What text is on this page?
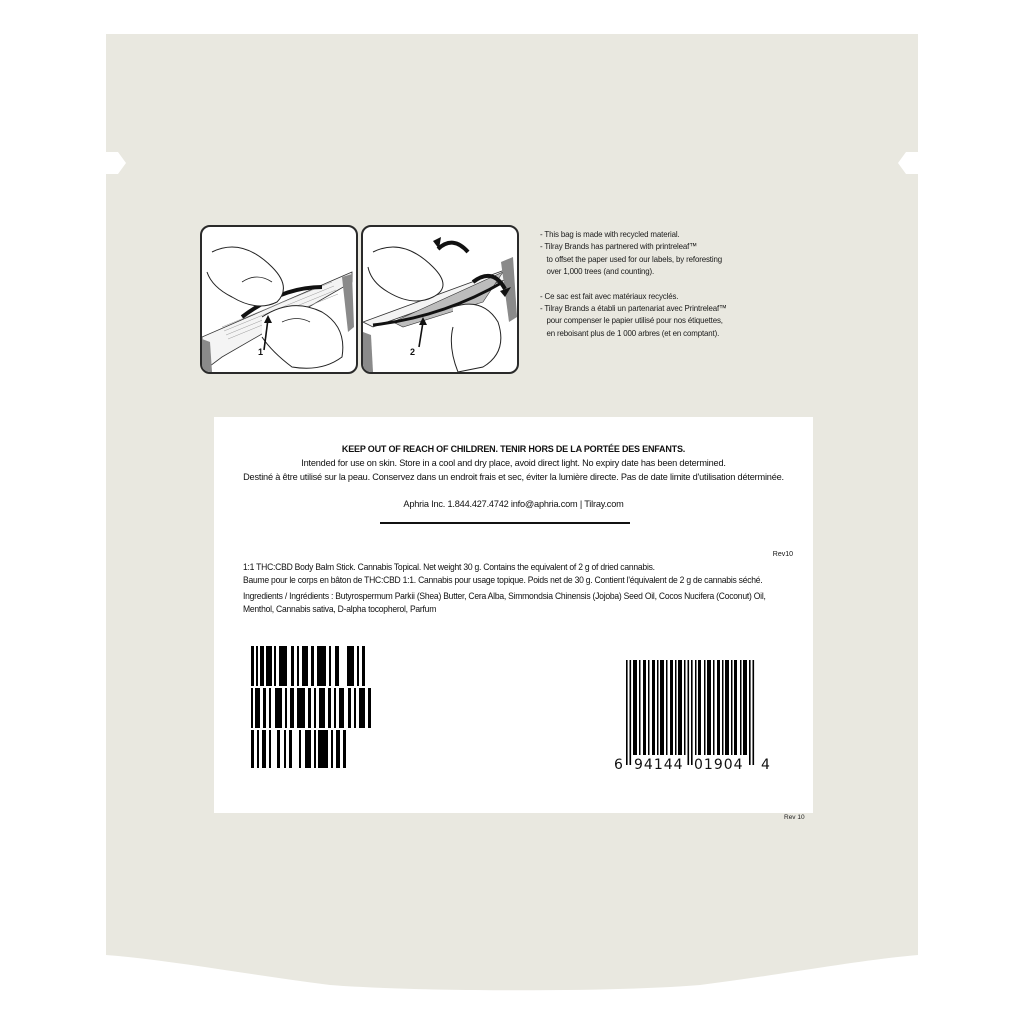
1	2
- This bag is made with recycled material.
- Tilray Brands has partnered with printreleaf™
to offset the paper used for our labels, by reforesting
over 1,000 trees (and counting).
- Ce sac est fait avec matériaux recyclés.
- Tilray Brands a établi un partenariat avec Printreleaf™
pour compenser le papier utilisé pour nos étiquettes,
en reboisant plus de 1 000 arbres (et en comptant).
KEEP OUT OF REACH OF CHILDREN. TENIR HORS DE LA PORTÉE DES ENFANTS.
Intended for use on skin. Store in a cool and dry place, avoid direct light. No expiry date has been determined.
Destiné à être utilisé sur la peau. Conservez dans un endroit frais et sec, éviter la lumière directe. Pas de date limite d'utilisation déterminée.
Aphria Inc. 1.844.427.4742 info@aphria.com | Tilray.com
Rev10
1:1 THC:CBD Body Balm Stick. Cannabis Topical. Net weight 30 g. Contains the equivalent of 2 g of dried cannabis.
Baume pour le corps en bâton de THC:CBD 1:1. Cannabis pour usage topique. Poids net de 30 g. Contient l'équivalent de 2 g de cannabis séché.
Ingredients / Ingrédients : Butyrospermum Parkii (Shea) Butter, Cera Alba, Simmondsia Chinensis (Jojoba) Seed Oil, Cocos Nucifera (Coconut) Oil,
Menthol, Cannabis sativa, D-alpha tocopherol, Parfum
6 94144 01904 4
Rev 10
